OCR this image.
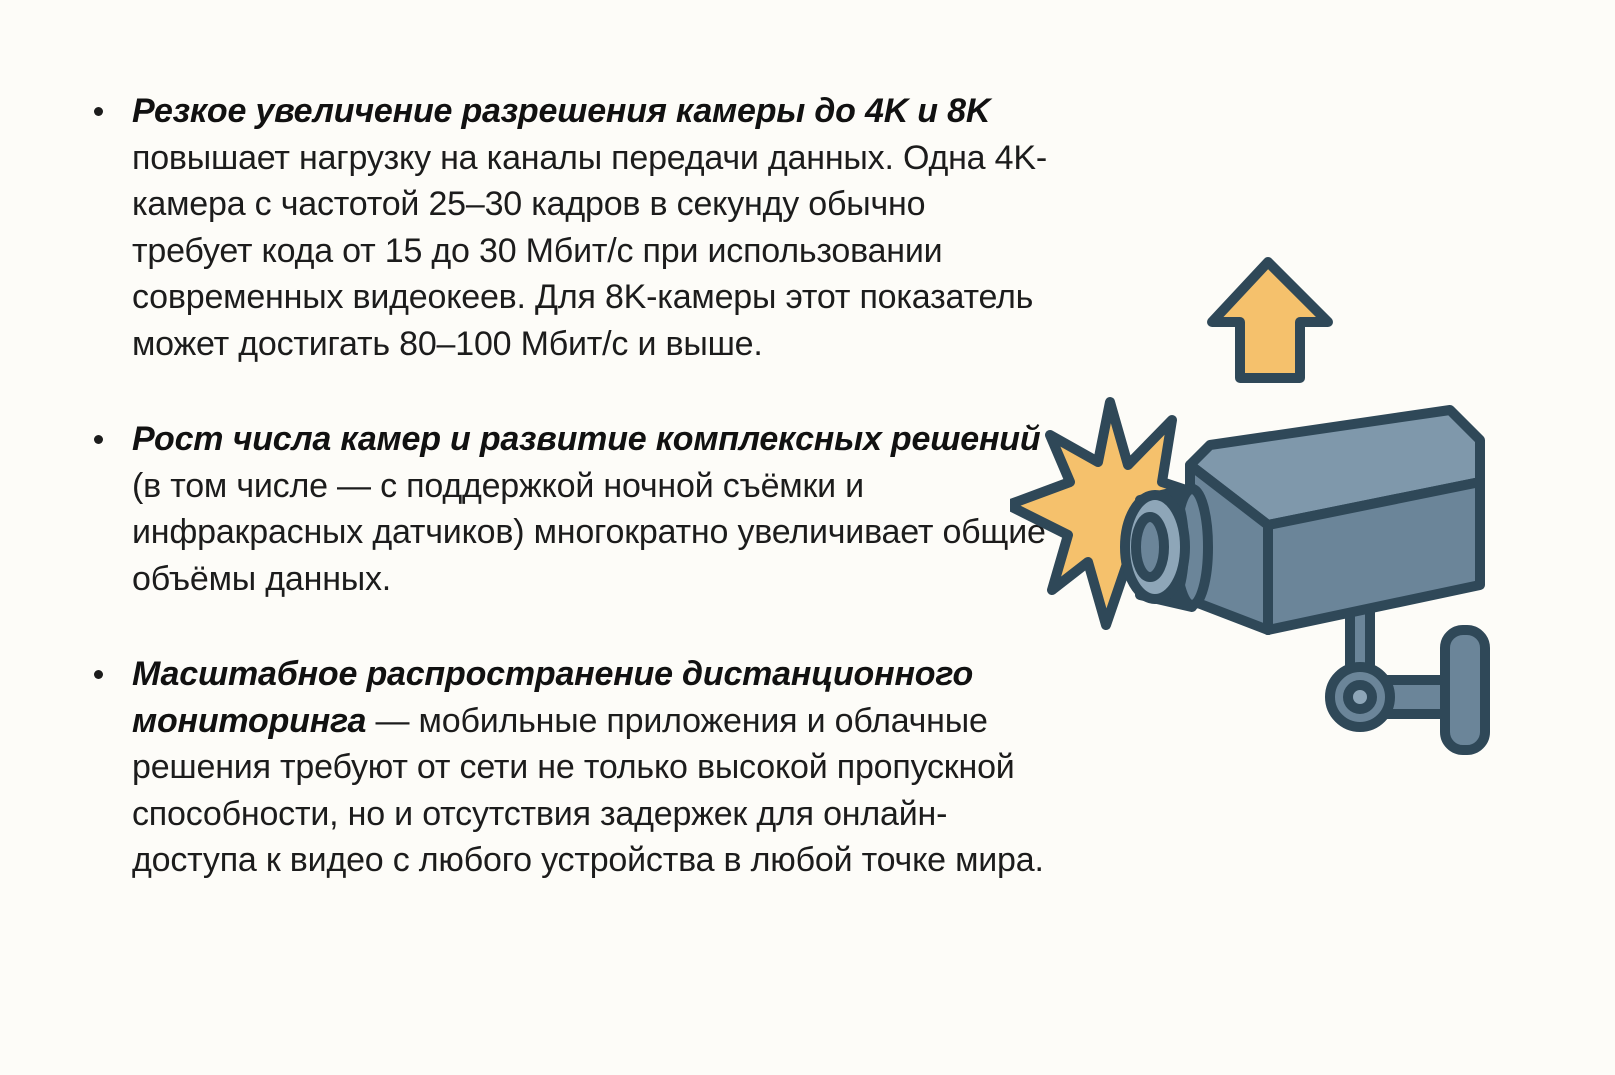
Резкое увеличение разрешения камеры до 4K и 8K повышает нагрузку на каналы передачи данных. Одна 4K-камера с частотой 25–30 кадров в секунду обычно требует кода от 15 до 30 Мбит/с при использовании современных видеокеев. Для 8K-камеры этот показатель может достигать 80–100 Мбит/с и выше.
Рост числа камер и развитие комплексных решений (в том числе — с поддержкой ночной съёмки и инфракрасных датчиков) многократно увеличивает общие объёмы данных.
Масштабное распространение дистанционного мониторинга — мобильные приложения и облачные решения требуют от сети не только высокой пропускной способности, но и отсутствия задержек для онлайн-доступа к видео с любого устройства в любой точке мира.
